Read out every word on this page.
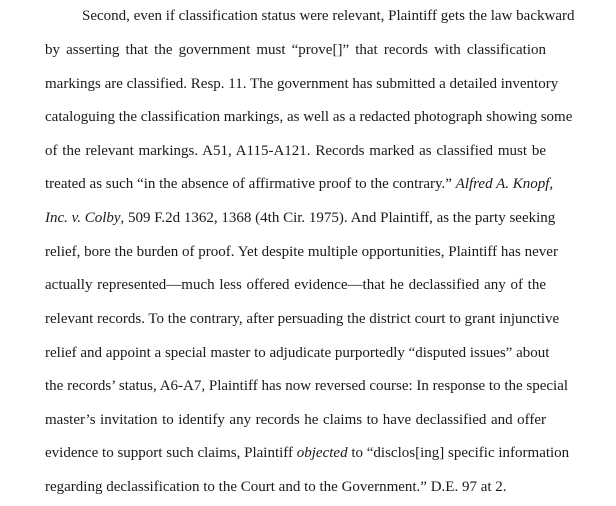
Second, even if classification status were relevant, Plaintiff gets the law backward
by asserting that the government must “prove[]” that records with classification
markings are classified. Resp. 11. The government has submitted a detailed inventory
cataloguing the classification markings, as well as a redacted photograph showing some
of the relevant markings. A51, A115-A121. Records marked as classified must be
treated as such “in the absence of affirmative proof to the contrary.” Alfred A. Knopf,
Inc. v. Colby, 509 F.2d 1362, 1368 (4th Cir. 1975). And Plaintiff, as the party seeking
relief, bore the burden of proof. Yet despite multiple opportunities, Plaintiff has never
actually represented—much less offered evidence—that he declassified any of the
relevant records. To the contrary, after persuading the district court to grant injunctive
relief and appoint a special master to adjudicate purportedly “disputed issues” about
the records’ status, A6-A7, Plaintiff has now reversed course: In response to the special
master’s invitation to identify any records he claims to have declassified and offer
evidence to support such claims, Plaintiff objected to “disclos[ing] specific information
regarding declassification to the Court and to the Government.” D.E. 97 at 2.
